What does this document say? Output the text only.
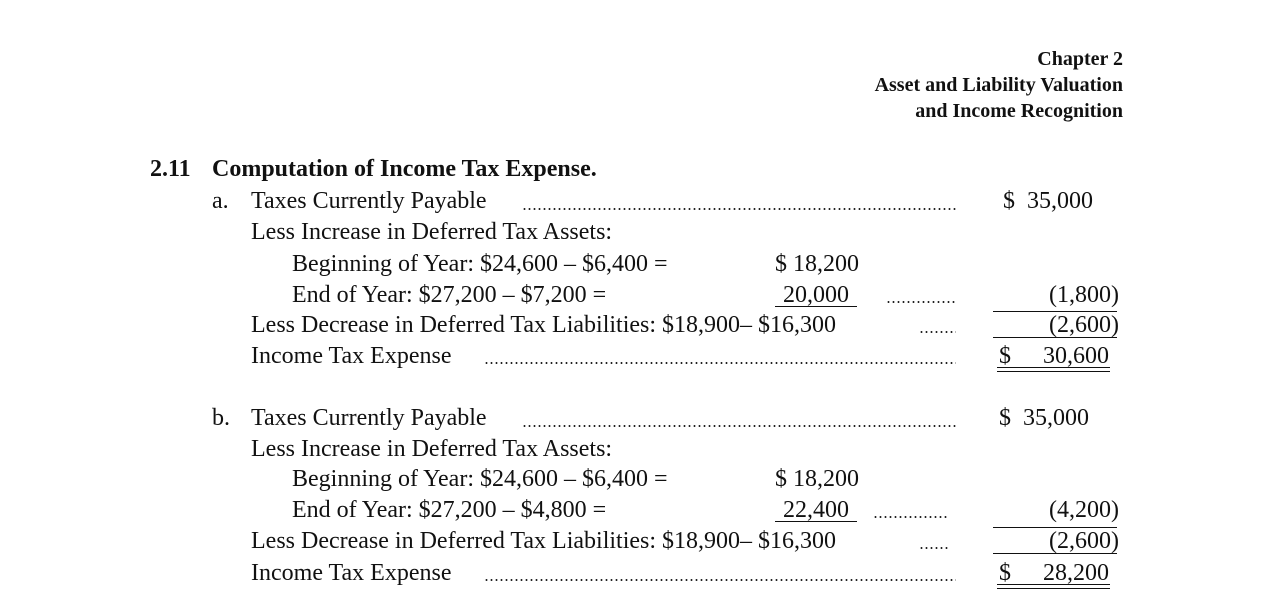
Chapter 2
Asset and Liability Valuation
and Income Recognition
2.11 Computation of Income Tax Expense.
a. Taxes Currently Payable	$  35,000
Less Increase in Deferred Tax Assets:
Beginning of Year: $24,600 – $6,400 =	$ 18,200
End of Year: $27,200 – $7,200 =	20,000	(1,800)
Less Decrease in Deferred Tax Liabilities: $18,900– $16,300	(2,600)
Income Tax Expense	$ 30,600
b. Taxes Currently Payable	$  35,000
Less Increase in Deferred Tax Assets:
Beginning of Year: $24,600 – $6,400 =	$ 18,200
End of Year: $27,200 – $4,800 =	22,400	(4,200)
Less Decrease in Deferred Tax Liabilities: $18,900– $16,300	(2,600)
Income Tax Expense	$ 28,200
